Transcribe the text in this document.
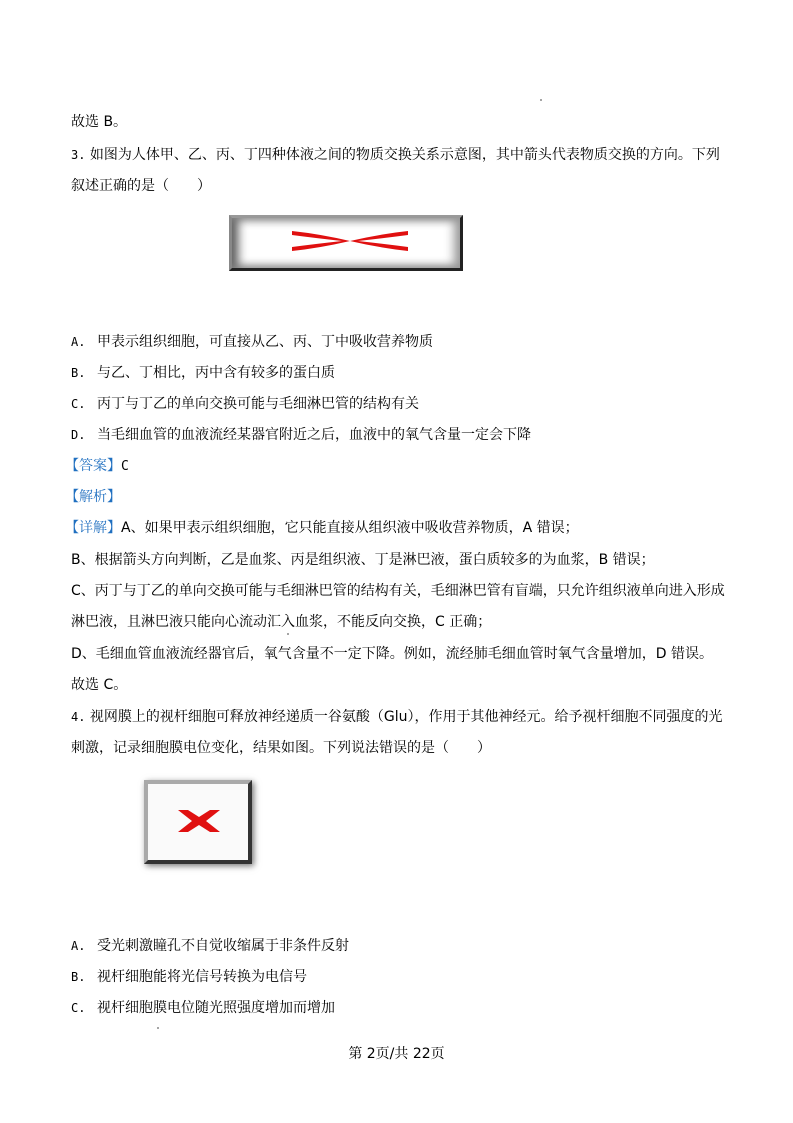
故选 B。
3. 如图为人体甲、乙、丙、丁四种体液之间的物质交换关系示意图，其中箭头代表物质交换的方向。下列
叙述正确的是（　　）
A. 甲表示组织细胞，可直接从乙、丙、丁中吸收营养物质
B. 与乙、丁相比，丙中含有较多的蛋白质
C. 丙丁与丁乙的单向交换可能与毛细淋巴管的结构有关
D. 当毛细血管的血液流经某器官附近之后，血液中的氧气含量一定会下降
【答案】C
【解析】
【详解】A、如果甲表示组织细胞，它只能直接从组织液中吸收营养物质，A 错误；
B、根据箭头方向判断，乙是血浆、丙是组织液、丁是淋巴液，蛋白质较多的为血浆，B 错误；
C、丙丁与丁乙的单向交换可能与毛细淋巴管的结构有关，毛细淋巴管有盲端，只允许组织液单向进入形成
淋巴液，且淋巴液只能向心流动汇入血浆，不能反向交换，C 正确；
D、毛细血管血液流经器官后，氧气含量不一定下降。例如，流经肺毛细血管时氧气含量增加，D 错误。
故选 C。
4. 视网膜上的视杆细胞可释放神经递质一谷氨酸（Glu），作用于其他神经元。给予视杆细胞不同强度的光
刺激，记录细胞膜电位变化，结果如图。下列说法错误的是（　　）
A. 受光刺激瞳孔不自觉收缩属于非条件反射
B. 视杆细胞能将光信号转换为电信号
C. 视杆细胞膜电位随光照强度增加而增加
第 2页/共 22页
